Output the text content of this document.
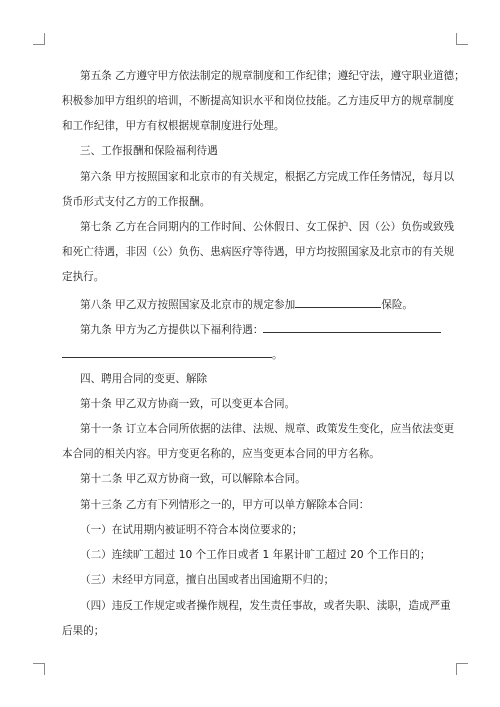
第五条 乙方遵守甲方依法制定的规章制度和工作纪律；遵纪守法，遵守职业道德；
积极参加甲方组织的培训，不断提高知识水平和岗位技能。乙方违反甲方的规章制度
和工作纪律，甲方有权根据规章制度进行处理。
三、工作报酬和保险福利待遇
第六条 甲方按照国家和北京市的有关规定，根据乙方完成工作任务情况，每月以
货币形式支付乙方的工作报酬。
第七条 乙方在合同期内的工作时间、公休假日、女工保护、因（公）负伤或致残
和死亡待遇，非因（公）负伤、患病医疗等待遇，甲方均按照国家及北京市的有关规
定执行。
第八条 甲乙双方按照国家及北京市的规定参加	保险。
第九条 甲方为乙方提供以下福利待遇：
。
四、聘用合同的变更、解除
第十条 甲乙双方协商一致，可以变更本合同。
第十一条 订立本合同所依据的法律、法规、规章、政策发生变化，应当依法变更
本合同的相关内容。甲方变更名称的，应当变更本合同的甲方名称。
第十二条 甲乙双方协商一致，可以解除本合同。
第十三条 乙方有下列情形之一的，甲方可以单方解除本合同：
（一）在试用期内被证明不符合本岗位要求的；
（二）连续旷工超过 10 个工作日或者 1 年累计旷工超过 20 个工作日的；
（三）未经甲方同意，擅自出国或者出国逾期不归的；
（四）违反工作规定或者操作规程，发生责任事故，或者失职、渎职，造成严重
后果的；
